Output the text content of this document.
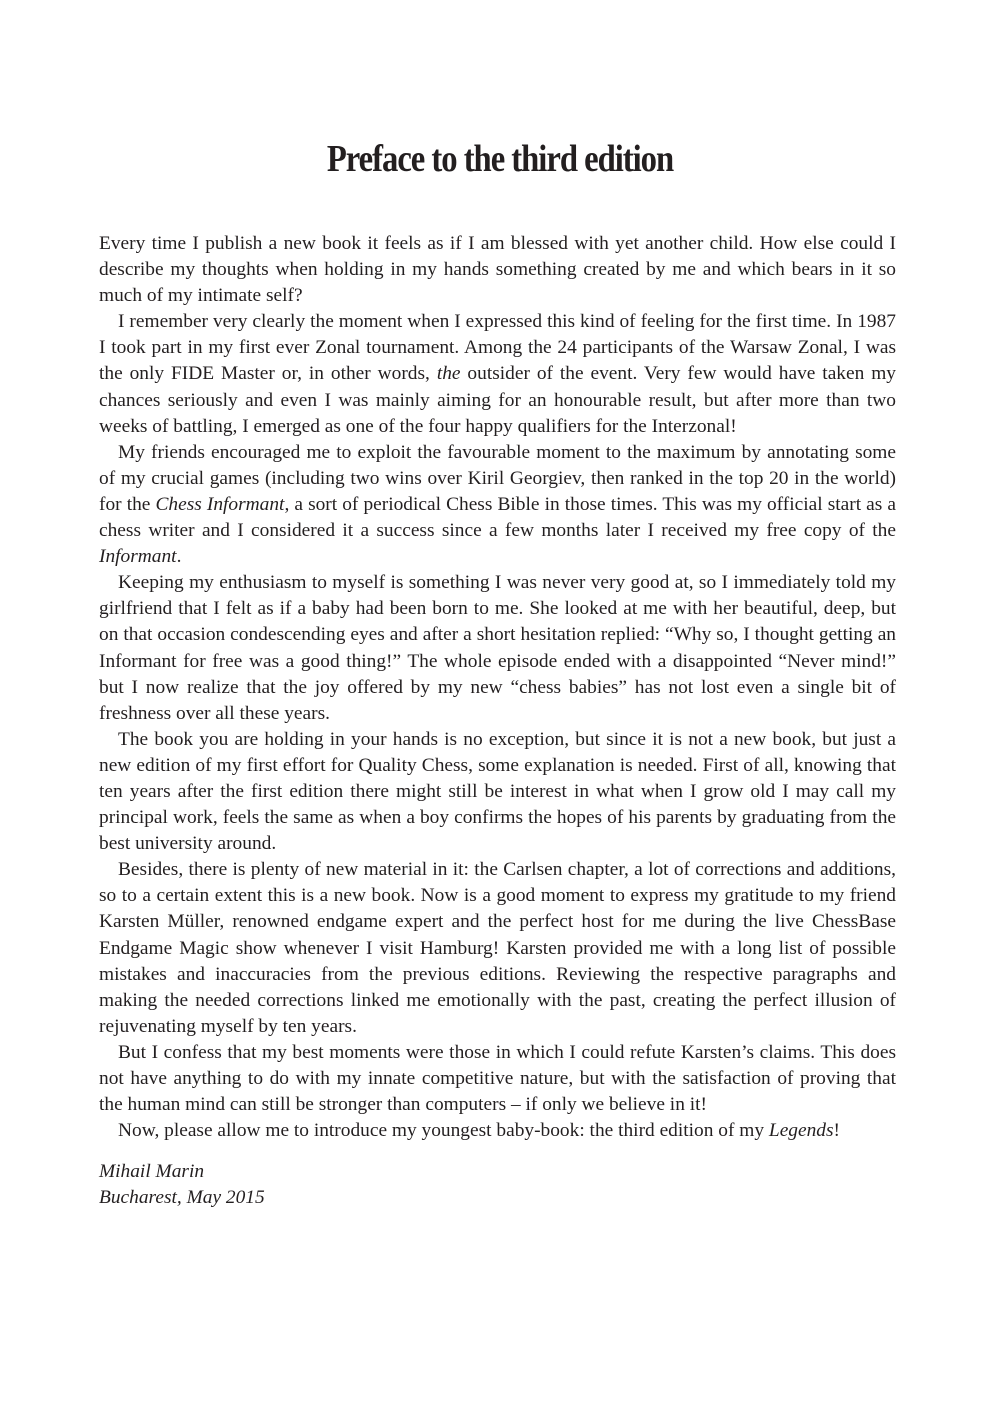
Preface to the third edition

Every time I publish a new book it feels as if I am blessed with yet another child. How else could I describe my thoughts when holding in my hands something created by me and which bears in it so much of my intimate self?

I remember very clearly the moment when I expressed this kind of feeling for the first time. In 1987 I took part in my first ever Zonal tournament. Among the 24 participants of the Warsaw Zonal, I was the only FIDE Master or, in other words, the outsider of the event. Very few would have taken my chances seriously and even I was mainly aiming for an honourable result, but after more than two weeks of battling, I emerged as one of the four happy qualifiers for the Interzonal!

My friends encouraged me to exploit the favourable moment to the maximum by annotating some of my crucial games (including two wins over Kiril Georgiev, then ranked in the top 20 in the world) for the Chess Informant, a sort of periodical Chess Bible in those times. This was my official start as a chess writer and I considered it a success since a few months later I received my free copy of the Informant.

Keeping my enthusiasm to myself is something I was never very good at, so I immediately told my girlfriend that I felt as if a baby had been born to me. She looked at me with her beautiful, deep, but on that occasion condescending eyes and after a short hesitation replied: “Why so, I thought getting an Informant for free was a good thing!” The whole episode ended with a disappointed “Never mind!” but I now realize that the joy offered by my new “chess babies” has not lost even a single bit of freshness over all these years.

The book you are holding in your hands is no exception, but since it is not a new book, but just a new edition of my first effort for Quality Chess, some explanation is needed. First of all, knowing that ten years after the first edition there might still be interest in what when I grow old I may call my principal work, feels the same as when a boy confirms the hopes of his parents by graduating from the best university around.

Besides, there is plenty of new material in it: the Carlsen chapter, a lot of corrections and additions, so to a certain extent this is a new book. Now is a good moment to express my gratitude to my friend Karsten Müller, renowned endgame expert and the perfect host for me during the live ChessBase Endgame Magic show whenever I visit Hamburg! Karsten provided me with a long list of possible mistakes and inaccuracies from the previous editions. Reviewing the respective paragraphs and making the needed corrections linked me emotionally with the past, creating the perfect illusion of rejuvenating myself by ten years.

But I confess that my best moments were those in which I could refute Karsten’s claims. This does not have anything to do with my innate competitive nature, but with the satisfaction of proving that the human mind can still be stronger than computers – if only we believe in it!

Now, please allow me to introduce my youngest baby-book: the third edition of my Legends!

Mihail Marin
Bucharest, May 2015
